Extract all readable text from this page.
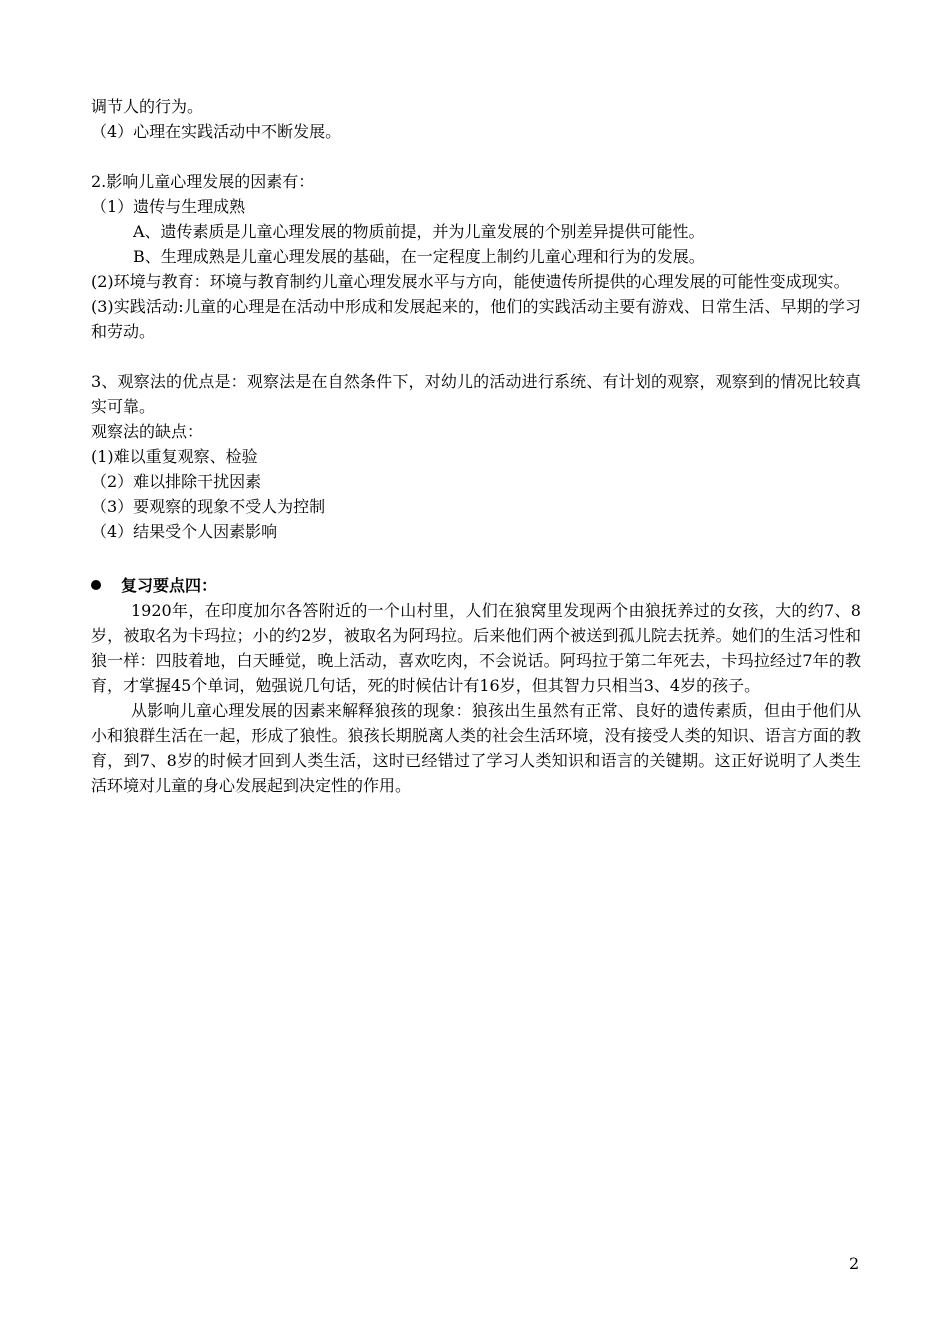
调节人的行为。
（4）心理在实践活动中不断发展。
2.影响儿童心理发展的因素有：
（1）遗传与生理成熟
A、遗传素质是儿童心理发展的物质前提，并为儿童发展的个别差异提供可能性。
B、生理成熟是儿童心理发展的基础，在一定程度上制约儿童心理和行为的发展。
(2)环境与教育：环境与教育制约儿童心理发展水平与方向，能使遗传所提供的心理发展的可能性变成现实。
(3)实践活动:儿童的心理是在活动中形成和发展起来的，他们的实践活动主要有游戏、日常生活、早期的学习和劳动。
3、观察法的优点是：观察法是在自然条件下，对幼儿的活动进行系统、有计划的观察，观察到的情况比较真实可靠。
观察法的缺点：
(1)难以重复观察、检验
（2）难以排除干扰因素
（3）要观察的现象不受人为控制
（4）结果受个人因素影响
复习要点四：
1920年，在印度加尔各答附近的一个山村里，人们在狼窝里发现两个由狼抚养过的女孩，大的约7、8岁，被取名为卡玛拉；小的约2岁，被取名为阿玛拉。后来他们两个被送到孤儿院去抚养。她们的生活习性和狼一样：四肢着地，白天睡觉，晚上活动，喜欢吃肉，不会说话。阿玛拉于第二年死去，卡玛拉经过7年的教育，才掌握45个单词，勉强说几句话，死的时候估计有16岁，但其智力只相当3、4岁的孩子。
从影响儿童心理发展的因素来解释狼孩的现象：狼孩出生虽然有正常、良好的遗传素质，但由于他们从小和狼群生活在一起，形成了狼性。狼孩长期脱离人类的社会生活环境，没有接受人类的知识、语言方面的教育，到7、8岁的时候才回到人类生活，这时已经错过了学习人类知识和语言的关键期。这正好说明了人类生活环境对儿童的身心发展起到决定性的作用。
2
